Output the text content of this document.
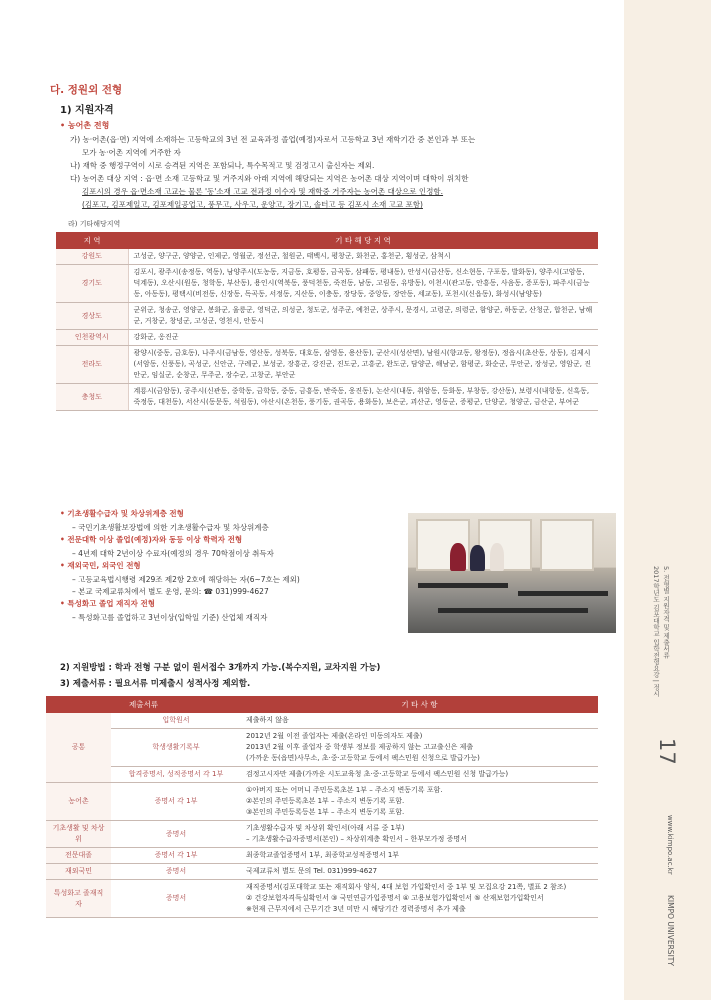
2017학년도 김포대학교 입학전형요강 | 정시 5. 전형별 지원자격 및 제출서류
www.kimpo.ac.kr
KIMPO UNIVERSITY
17
다. 정원외 전형
1) 지원자격
• 농어촌 전형
가) 농·어촌(읍·면) 지역에 소재하는 고등학교의 3년 전 교육과정 졸업(예정)자로서 고등학교 3년 재학기간 중 본인과 부 또는
모가 농·어촌 지역에 거주한 자
나) 재학 중 행정구역이 시로 승격된 지역은 포함되나, 특수목적고 및 검정고시 출신자는 제외.
다) 농어촌 대상 지역 : 읍·면 소재 고등학교 및 거주지와 아래 지역에 해당되는 지역은 농어촌 대상 지역이며 대학이 위치한
김포시의 경우 읍·면소재 고교는 물론 '동'소재 고교 전과정 이수자 및 재학중 거주자는 농어촌 대상으로 인정함.
(김포고, 김포제일고, 김포제일공업고, 풍무고, 사우고, 운양고, 장기고, 솔터고 등 김포시 소재 고교 포함)
라) 기타해당지역
지 역	기 타 해 당 지 역
강원도	고성군, 양구군, 양양군, 인제군, 영월군, 정선군, 철원군, 태백시, 평창군, 화천군, 홍천군, 횡성군, 삼척시
경기도	김포시, 광주시(송정동, 역동), 남양주시(도농동, 지금동, 호평동, 금곡동, 삼패동, 평내동), 안성시(금산동, 신소현동, 구포동, 발화동), 양주시(고암동, 덕계동), 오산시(원동, 청학동, 부산동), 용인시(역북동, 풍덕천동, 죽전동, 남동, 고림동, 유방동), 이천시(관고동, 안흥동, 사음동, 증포동), 파주시(금능동, 아동동), 평택시(비전동, 신장동, 독곡동, 서정동, 지산동, 이충동, 장당동, 중앙동, 장안동, 세교동), 포천시(신읍동), 화성시(남양동)
경상도	군위군, 청송군, 영양군, 봉화군, 울릉군, 영덕군, 의성군, 청도군, 성주군, 예천군, 상주시, 문경시, 고령군, 의령군, 함양군, 하동군, 산청군, 합천군, 남해군, 거창군, 창녕군, 고성군, 영천시, 안동시
인천광역시	강화군, 옹진군
전라도	광양시(중동, 금호동), 나주시(금남동, 영산동, 성북동, 대호동, 삼영동, 용산동), 군산시(성산면), 남원시(향교동, 왕정동), 정읍시(초산동, 상동), 김제시(서암동, 신풍동), 곡성군, 신안군, 구례군, 보성군, 장흥군, 강진군, 진도군, 고흥군, 완도군, 담양군, 해남군, 함평군, 화순군, 무안군, 장성군, 영암군, 진안군, 임실군, 순창군, 무주군, 장수군, 고창군, 부안군
충청도	계룡시(금암동), 공주시(신관동, 중학동, 금학동, 중동, 금흥동, 반죽동, 웅진동), 논산시(내동, 취암동, 등화동, 부창동, 강산동), 보령시(내항동, 신흑동, 죽정동, 대천동), 서산시(동문동, 석림동), 아산시(온천동, 풍기동, 권곡동, 용화동), 보은군, 괴산군, 영동군, 증평군, 단양군, 청양군, 금산군, 부여군
• 기초생활수급자 및 차상위계층 전형
– 국민기초생활보장법에 의한 기초생활수급자 및 차상위계층
• 전문대학 이상 졸업(예정)자와 동등 이상 학력자 전형
– 4년제 대학 2년이상 수료자(예정의 경우 70학점이상 취득자
• 재외국민, 외국인 전형
– 고등교육법시행령 제29조 제2항 2호에 해당하는 자(6~7호는 제외)
– 본교 국제교류처에서 별도 운영, 문의: ☎ 031)999-4627
• 특성화고 졸업 재직자 전형
– 특성화고를 졸업하고 3년이상(입학일 기준) 산업체 재직자
2) 지원방법 : 학과 전형 구분 없이 원서접수 3개까지 가능.(복수지원, 교차지원 가능)
3) 제출서류 : 필요서류 미제출시 성적사정 제외함.
제출서류		기 타 사 항
공통	입학원서	제출하지 않음
	학생생활기록부	2012년 2월 이전 졸업자는 제출(온라인 미동의자도 제출)
2013년 2월 이후 졸업자 중 학생부 정보를 제공하지 않는 고교출신은 제출
(가까운 동(읍면)사무소, 초·중·고등학교 등에서 팩스민원 신청으로 발급가능)
	합격증명서, 성적증명서 각 1부	검정고시자만 제출(가까운 시도교육청 초·중·고등학교 등에서 팩스민원 신청 발급가능)
농어촌	증명서 각 1부	①아버지 또는 어머니 주민등록초본 1부 – 주소지 변동기록 포함.
②본인의 주민등록초본 1부 – 주소지 변동기록 포함.
③본인의 주민등록등본 1부 – 주소지 변동기록 포함.
기초생활 및 차상위	증명서	기초생활수급자 및 차상위 확인서(아래 서류 중 1부)
– 기초생활수급자증명서(본인) – 차상위계층 확인서 – 한부모가정 증명서
전문대졸	증명서 각 1부	최종학교졸업증명서 1부, 최종학교성적증명서 1부
재외국민	증명서	국제교류처 별도 문의 Tel. 031)999-4627
특성화고 졸재직자	증명서	재직증명서(김포대학교 또는 재직회사 양식, 4대 보험 가입확인서 중 1부 및 모집요강 21쪽, 별표 2 참조)
② 건강보험자격득실확인서 ③ 국민연금가입증명서 ④ 고용보험가입확인서 ⑤ 산재보험가입확인서
※현재 근무지에서 근무기간 3년 미만 시 해당기간 경력증명서 추가 제출
